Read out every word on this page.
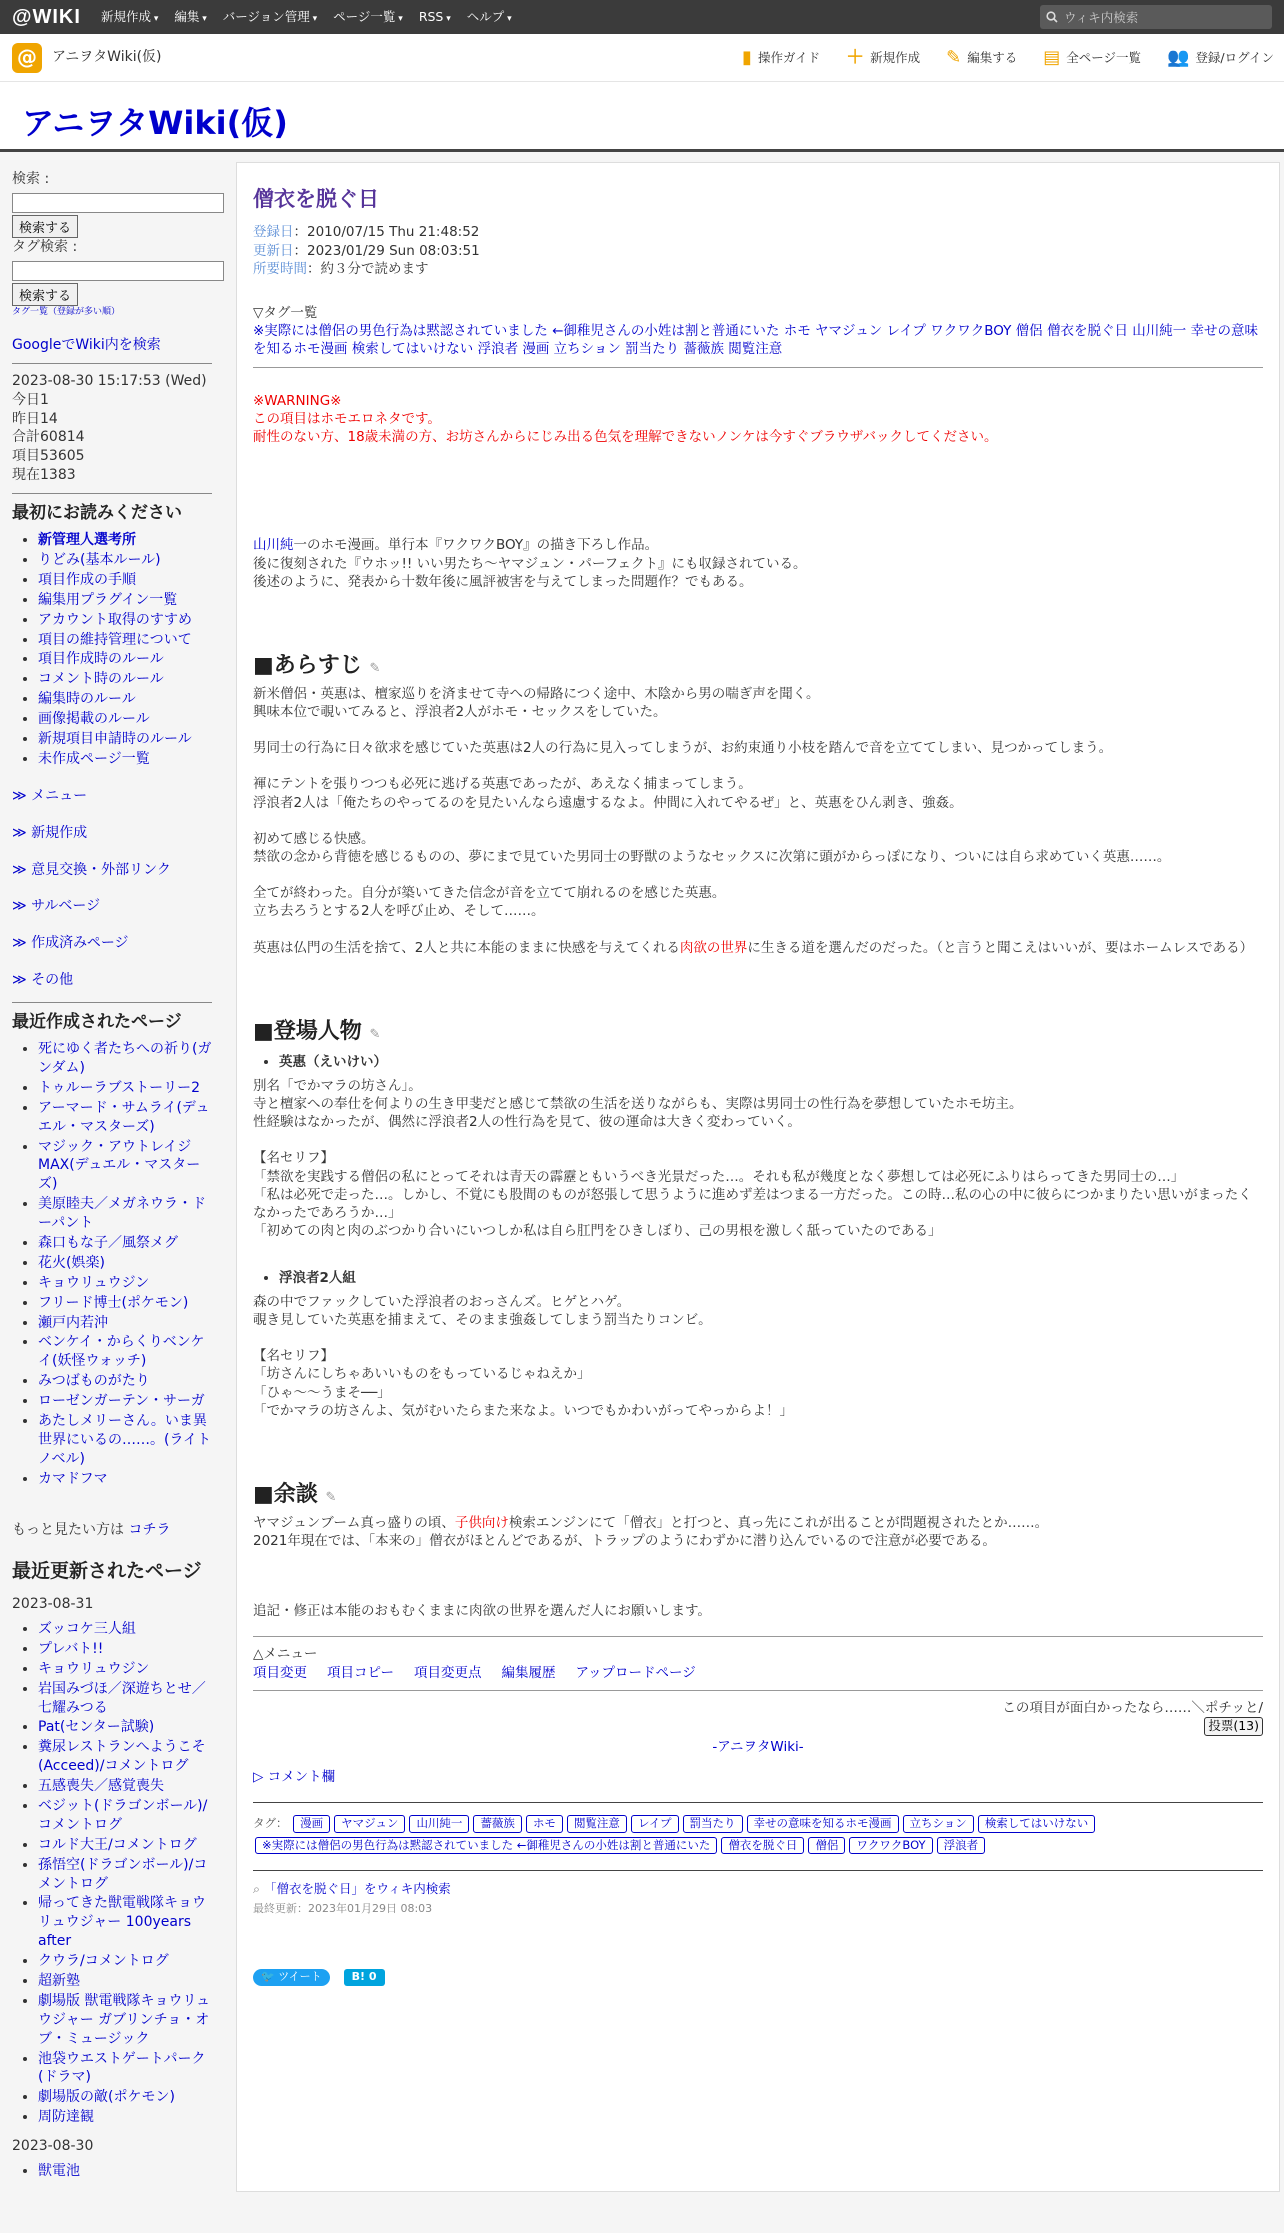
@WIKI 新規作成 ▾	編集 ▾	バージョン管理 ▾	ページ一覧 ▾	RSS ▾	ヘルプ ▾
ウィキ内検索
@	アニヲタWiki(仮)	▮ 操作ガイド ＋ 新規作成 ✎ 編集する ▤ 全ページ一覧 👥 登録/ログイン
アニヲタWiki(仮)
検索 :

検索する
タグ検索 :

検索する
タグ一覧（登録が多い順）
GoogleでWiki内を検索
2023-08-30 15:17:53 (Wed)
今日1
昨日14
合計60814
項目53605
現在1383
最初にお読みください
• 新管理人選考所
• りどみ(基本ルール)
• 項目作成の手順
• 編集用プラグイン一覧
• アカウント取得のすすめ
• 項目の維持管理について
• 項目作成時のルール
• コメント時のルール
• 編集時のルール
• 画像掲載のルール
• 新規項目申請時のルール
• 未作成ページ一覧
≫ メニュー
≫ 新規作成
≫ 意見交換・外部リンク
≫ サルベージ
≫ 作成済みページ
≫ その他
最近作成されたページ
• 死にゆく者たちへの祈り(ガンダム)
• トゥルーラブストーリー2
• アーマード・サムライ(デュエル・マスターズ)
• マジック・アウトレイジMAX(デュエル・マスターズ)
• 美原睦夫／メガネウラ・ドーパント
• 森口もな子／風祭メグ
• 花火(娯楽)
• キョウリュウジン
• フリード博士(ポケモン)
• 瀬戸内若沖
• ベンケイ・からくりベンケイ(妖怪ウォッチ)
• みつばものがたり
• ローゼンガーテン・サーガ
• あたしメリーさん。いま異世界にいるの……。(ライトノベル)
• カマドフマ
もっと見たい方は コチラ
最近更新されたページ
2023-08-31
• ズッコケ三人組
• プレバト!!
• キョウリュウジン
• 岩国みづほ／深遊ちとせ／七耀みつる
• Pat(センター試験)
• 糞尿レストランへようこそ(Acceed)/コメントログ
• 五感喪失／感覚喪失
• ベジット(ドラゴンボール)/コメントログ
• コルド大王/コメントログ
• 孫悟空(ドラゴンボール)/コメントログ
• 帰ってきた獣電戦隊キョウリュウジャー 100years after
• クウラ/コメントログ
• 超新塾
• 劇場版 獣電戦隊キョウリュウジャー ガブリンチョ・オブ・ミュージック
• 池袋ウエストゲートパーク(ドラマ)
• 劇場版の敵(ポケモン)
• 周防達観
2023-08-30
• 獣電池
僧衣を脱ぐ日
登録日：2010/07/15 Thu 21:48:52
更新日：2023/01/29 Sun 08:03:51
所要時間：約３分で読めます
▽タグ一覧
※実際には僧侶の男色行為は黙認されていました ←御稚児さんの小姓は割と普通にいた ホモ ヤマジュン レイプ ワクワクBOY 僧侶 僧衣を脱ぐ日 山川純一 幸せの意味を知るホモ漫画 検索してはいけない 浮浪者 漫画 立ちション 罰当たり 薔薇族 閲覧注意
※WARNING※
この項目はホモエロネタです。
耐性のない方、18歳未満の方、お坊さんからにじみ出る色気を理解できないノンケは今すぐブラウザバックしてください。
山川純一のホモ漫画。単行本『ワクワクBOY』の描き下ろし作品。
後に復刻された『ウホッ!! いい男たち〜ヤマジュン・パーフェクト』にも収録されている。
後述のように、発表から十数年後に風評被害を与えてしまった問題作？でもある。
■あらすじ ✎
新米僧侶・英惠は、檀家巡りを済ませて寺への帰路につく途中、木陰から男の喘ぎ声を聞く。
興味本位で覗いてみると、浮浪者2人がホモ・セックスをしていた。
男同士の行為に日々欲求を感じていた英惠は2人の行為に見入ってしまうが、お約束通り小枝を踏んで音を立ててしまい、見つかってしまう。
褌にテントを張りつつも必死に逃げる英惠であったが、あえなく捕まってしまう。
浮浪者2人は「俺たちのやってるのを見たいんなら遠慮するなよ。仲間に入れてやるぜ」と、英惠をひん剥き、強姦。
初めて感じる快感。
禁欲の念から背徳を感じるものの、夢にまで見ていた男同士の野獣のようなセックスに次第に頭がからっぽになり、ついには自ら求めていく英惠……。
全てが終わった。自分が築いてきた信念が音を立てて崩れるのを感じた英惠。
立ち去ろうとする2人を呼び止め、そして……。
英惠は仏門の生活を捨て、2人と共に本能のままに快感を与えてくれる肉欲の世界に生きる道を選んだのだった。（と言うと聞こえはいいが、要はホームレスである）
■登場人物 ✎
• 英惠（えいけい）
別名「でかマラの坊さん」。
寺と檀家への奉仕を何よりの生き甲斐だと感じて禁欲の生活を送りながらも、実際は男同士の性行為を夢想していたホモ坊主。
性経験はなかったが、偶然に浮浪者2人の性行為を見て、彼の運命は大きく変わっていく。
【名セリフ】
「禁欲を実践する僧侶の私にとってそれは青天の霹靂ともいうべき光景だった…。それも私が幾度となく夢想しては必死にふりはらってきた男同士の…」
「私は必死で走った…。しかし、不覚にも股間のものが怒張して思うように進めず差はつまる一方だった。この時…私の心の中に彼らにつかまりたい思いがまったくなかったであろうか…」
「初めての肉と肉のぶつかり合いにいつしか私は自ら肛門をひきしぼり、己の男根を激しく舐っていたのである」
• 浮浪者2人組
森の中でファックしていた浮浪者のおっさんズ。ヒゲとハゲ。
覗き見していた英惠を捕まえて、そのまま強姦してしまう罰当たりコンビ。
【名セリフ】
「坊さんにしちゃあいいものをもっているじゃねえか」
「ひゃ〜〜うまそ──」
「でかマラの坊さんよ、気がむいたらまた来なよ。いつでもかわいがってやっからよ！」
■余談 ✎
ヤマジュンブーム真っ盛りの頃、子供向け検索エンジンにて「僧衣」と打つと、真っ先にこれが出ることが問題視されたとか……。
2021年現在では、「本来の」僧衣がほとんどであるが、トラップのようにわずかに潜り込んでいるので注意が必要である。
追記・修正は本能のおもむくままに肉欲の世界を選んだ人にお願いします。
△メニュー
項目変更 項目コピー 項目変更点 編集履歴 アップロードページ
この項目が面白かったなら……＼ポチッと/
投票(13)
-アニヲタWiki-
▷ コメント欄
タグ： 漫画 ヤマジュン 山川純一 薔薇族 ホモ 閲覧注意 レイプ 罰当たり 幸せの意味を知るホモ漫画 立ちション 検索してはいけない※実際には僧侶の男色行為は黙認されていました ←御稚児さんの小姓は割と普通にいた 僧衣を脱ぐ日 僧侶 ワクワクBOY 浮浪者
⌕ 「僧衣を脱ぐ日」をウィキ内検索
最終更新：2023年01月29日 08:03
🐦 ツイート	B! 0
